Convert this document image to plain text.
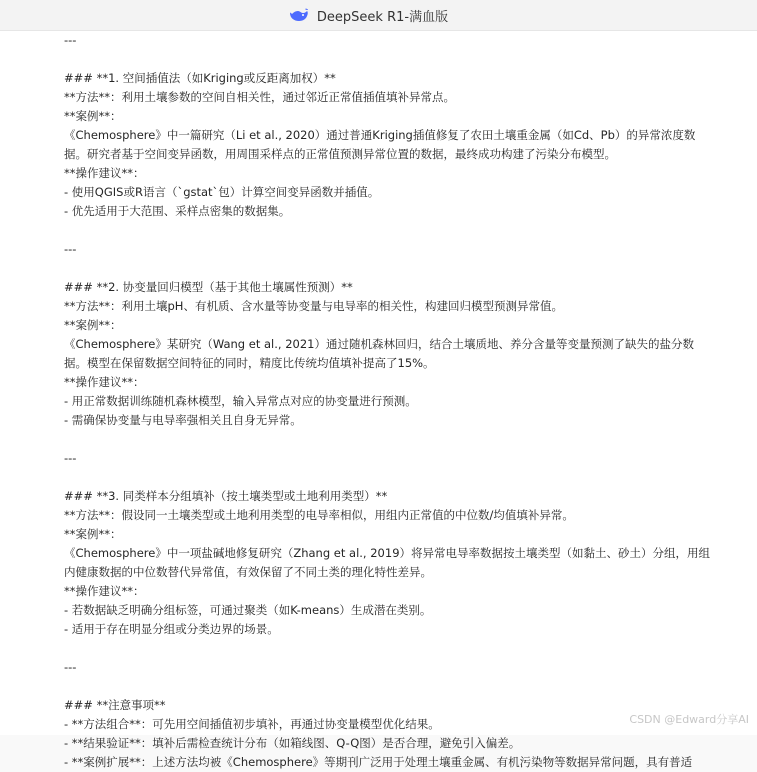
DeepSeek R1-满血版
---
### **1. 空间插值法（如Kriging或反距离加权）**
**方法**：利用土壤参数的空间自相关性，通过邻近正常值插值填补异常点。
**案例**：
《Chemosphere》中一篇研究（Li et al., 2020）通过普通Kriging插值修复了农田土壤重金属（如Cd、Pb）的异常浓度数
据。研究者基于空间变异函数，用周围采样点的正常值预测异常位置的数据，最终成功构建了污染分布模型。
**操作建议**：
- 使用QGIS或R语言（`gstat`包）计算空间变异函数并插值。
- 优先适用于大范围、采样点密集的数据集。
---
### **2. 协变量回归模型（基于其他土壤属性预测）**
**方法**：利用土壤pH、有机质、含水量等协变量与电导率的相关性，构建回归模型预测异常值。
**案例**：
《Chemosphere》某研究（Wang et al., 2021）通过随机森林回归，结合土壤质地、养分含量等变量预测了缺失的盐分数
据。模型在保留数据空间特征的同时，精度比传统均值填补提高了15%。
**操作建议**：
- 用正常数据训练随机森林模型，输入异常点对应的协变量进行预测。
- 需确保协变量与电导率强相关且自身无异常。
---
### **3. 同类样本分组填补（按土壤类型或土地利用类型）**
**方法**：假设同一土壤类型或土地利用类型的电导率相似，用组内正常值的中位数/均值填补异常。
**案例**：
《Chemosphere》中一项盐碱地修复研究（Zhang et al., 2019）将异常电导率数据按土壤类型（如黏土、砂土）分组，用组
内健康数据的中位数替代异常值，有效保留了不同土类的理化特性差异。
**操作建议**：
- 若数据缺乏明确分组标签，可通过聚类（如K-means）生成潜在类别。
- 适用于存在明显分组或分类边界的场景。
---
### **注意事项**
- **方法组合**：可先用空间插值初步填补，再通过协变量模型优化结果。
- **结果验证**：填补后需检查统计分布（如箱线图、Q-Q图）是否合理，避免引入偏差。
- **案例扩展**：上述方法均被《Chemosphere》等期刊广泛用于处理土壤重金属、有机污染物等数据异常问题，具有普适
CSDN @Edward分享AI
